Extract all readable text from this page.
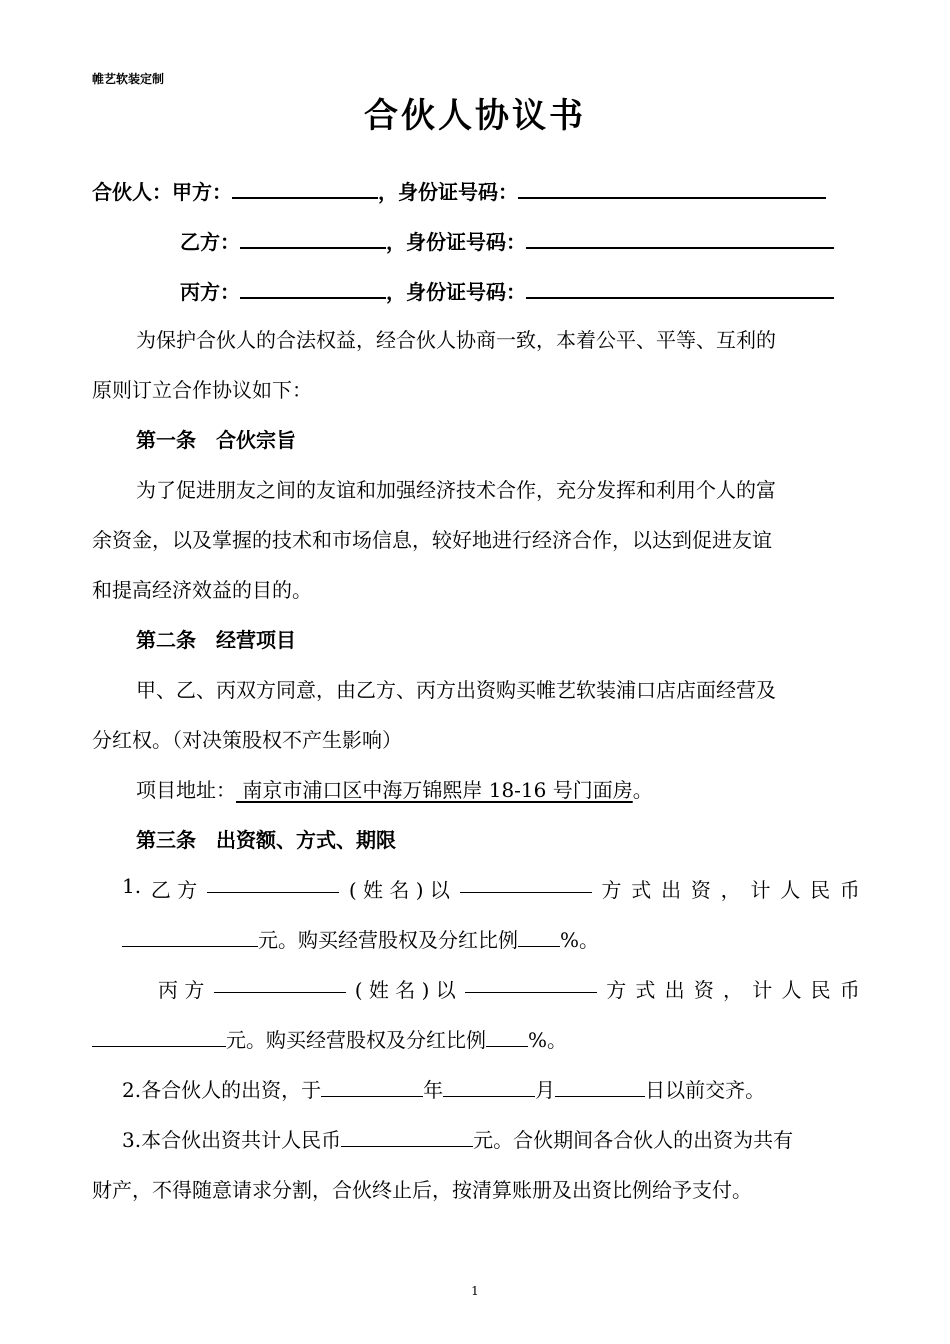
帷艺软装定制
合伙人协议书
合伙人：甲方：	，身份证号码：
乙方：	，身份证号码：
丙方：	，身份证号码：
为保护合伙人的合法权益，经合伙人协商一致，本着公平、平等、互利的
原则订立合作协议如下：
第一条　合伙宗旨
为了促进朋友之间的友谊和加强经济技术合作，充分发挥和利用个人的富
余资金，以及掌握的技术和市场信息，较好地进行经济合作，以达到促进友谊
和提高经济效益的目的。
第二条　经营项目
甲、乙、丙双方同意，由乙方、丙方出资购买帷艺软装浦口店店面经营及
分红权。（对决策股权不产生影响）
项目地址： 南京市浦口区中海万锦熙岸 18-16 号门面房。
第三条　出资额、方式、期限
1. 乙 方	( 姓 名 ) 以	方 式 出 资 ， 计 人 民 币
元。购买经营股权及分红比例 %。
丙 方	( 姓 名 ) 以	方 式 出 资 ， 计 人 民 币
元。购买经营股权及分红比例 %。
2.各合伙人的出资，于	年	月	日以前交齐。
3.本合伙出资共计人民币	元。合伙期间各合伙人的出资为共有
财产，不得随意请求分割，合伙终止后，按清算账册及出资比例给予支付。
1
